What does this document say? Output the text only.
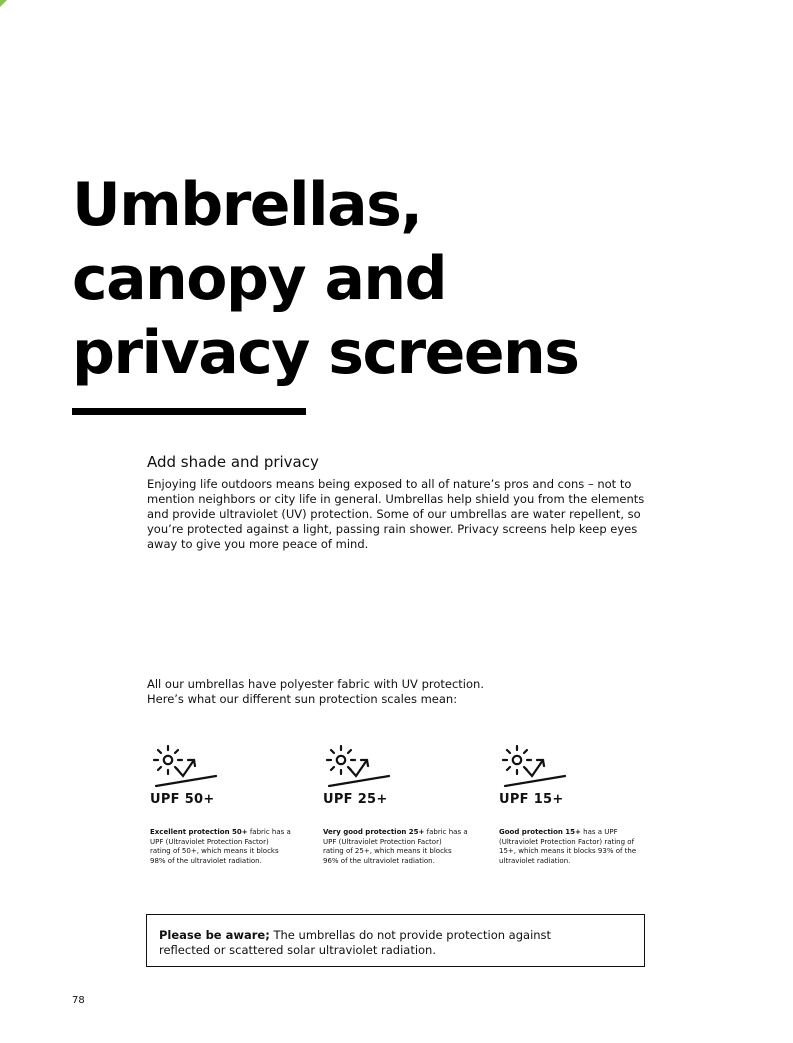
Umbrellas,
canopy and
privacy screens
Add shade and privacy
Enjoying life outdoors means being exposed to all of nature’s pros and cons – not to
mention neighbors or city life in general. Umbrellas help shield you from the elements
and provide ultraviolet (UV) protection. Some of our umbrellas are water repellent, so
you’re protected against a light, passing rain shower. Privacy screens help keep eyes
away to give you more peace of mind.
All our umbrellas have polyester fabric with UV protection.
Here’s what our different sun protection scales mean:
UPF 50+
Excellent protection 50+ fabric has a
UPF (Ultraviolet Protection Factor)
rating of 50+, which means it blocks
98% of the ultraviolet radiation.
UPF 25+
Very good protection 25+ fabric has a
UPF (Ultraviolet Protection Factor)
rating of 25+, which means it blocks
96% of the ultraviolet radiation.
UPF 15+
Good protection 15+ has a UPF
(Ultraviolet Protection Factor) rating of
15+, which means it blocks 93% of the
ultraviolet radiation.
Please be aware; The umbrellas do not provide protection against
reflected or scattered solar ultraviolet radiation.
78
